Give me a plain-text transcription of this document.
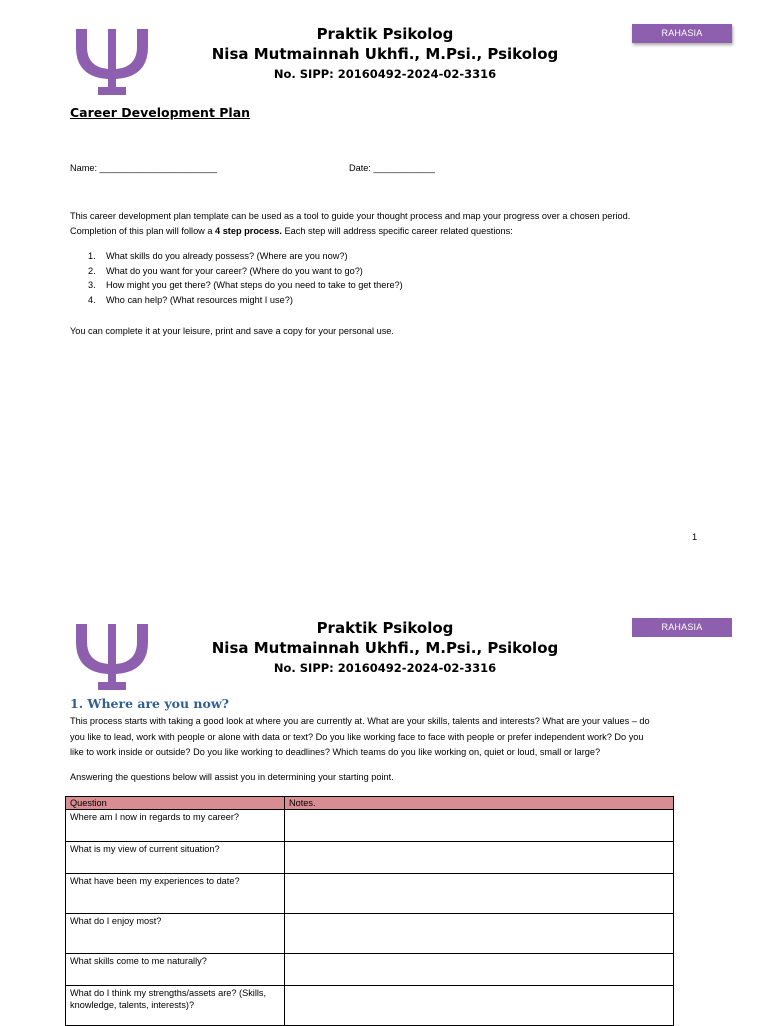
Praktik Psikolog
Nisa Mutmainnah Ukhfi., M.Psi., Psikolog
No. SIPP: 20160492-2024-02-3316
RAHASIA
Career Development Plan
Name: _______________________	Date: ____________
This career development plan template can be used as a tool to guide your thought process and map your progress over a chosen period.
Completion of this plan will follow a 4 step process. Each step will address specific career related questions:
1. What skills do you already possess? (Where are you now?)
2. What do you want for your career? (Where do you want to go?)
3. How might you get there? (What steps do you need to take to get there?)
4. Who can help? (What resources might I use?)
You can complete it at your leisure, print and save a copy for your personal use.
1
Praktik Psikolog
Nisa Mutmainnah Ukhfi., M.Psi., Psikolog
No. SIPP: 20160492-2024-02-3316
RAHASIA
1. Where are you now?
This process starts with taking a good look at where you are currently at. What are your skills, talents and interests? What are your values – do
you like to lead, work with people or alone with data or text? Do you like working face to face with people or prefer independent work? Do you
like to work inside or outside? Do you like working to deadlines? Which teams do you like working on, quiet or loud, small or large?
Answering the questions below will assist you in determining your starting point.
Question	Notes.
Where am I now in regards to my career?	
What is my view of current situation?	
What have been my experiences to date?	
What do I enjoy most?	
What skills come to me naturally?	
What do I think my strengths/assets are? (Skills, knowledge, talents, interests)?	
